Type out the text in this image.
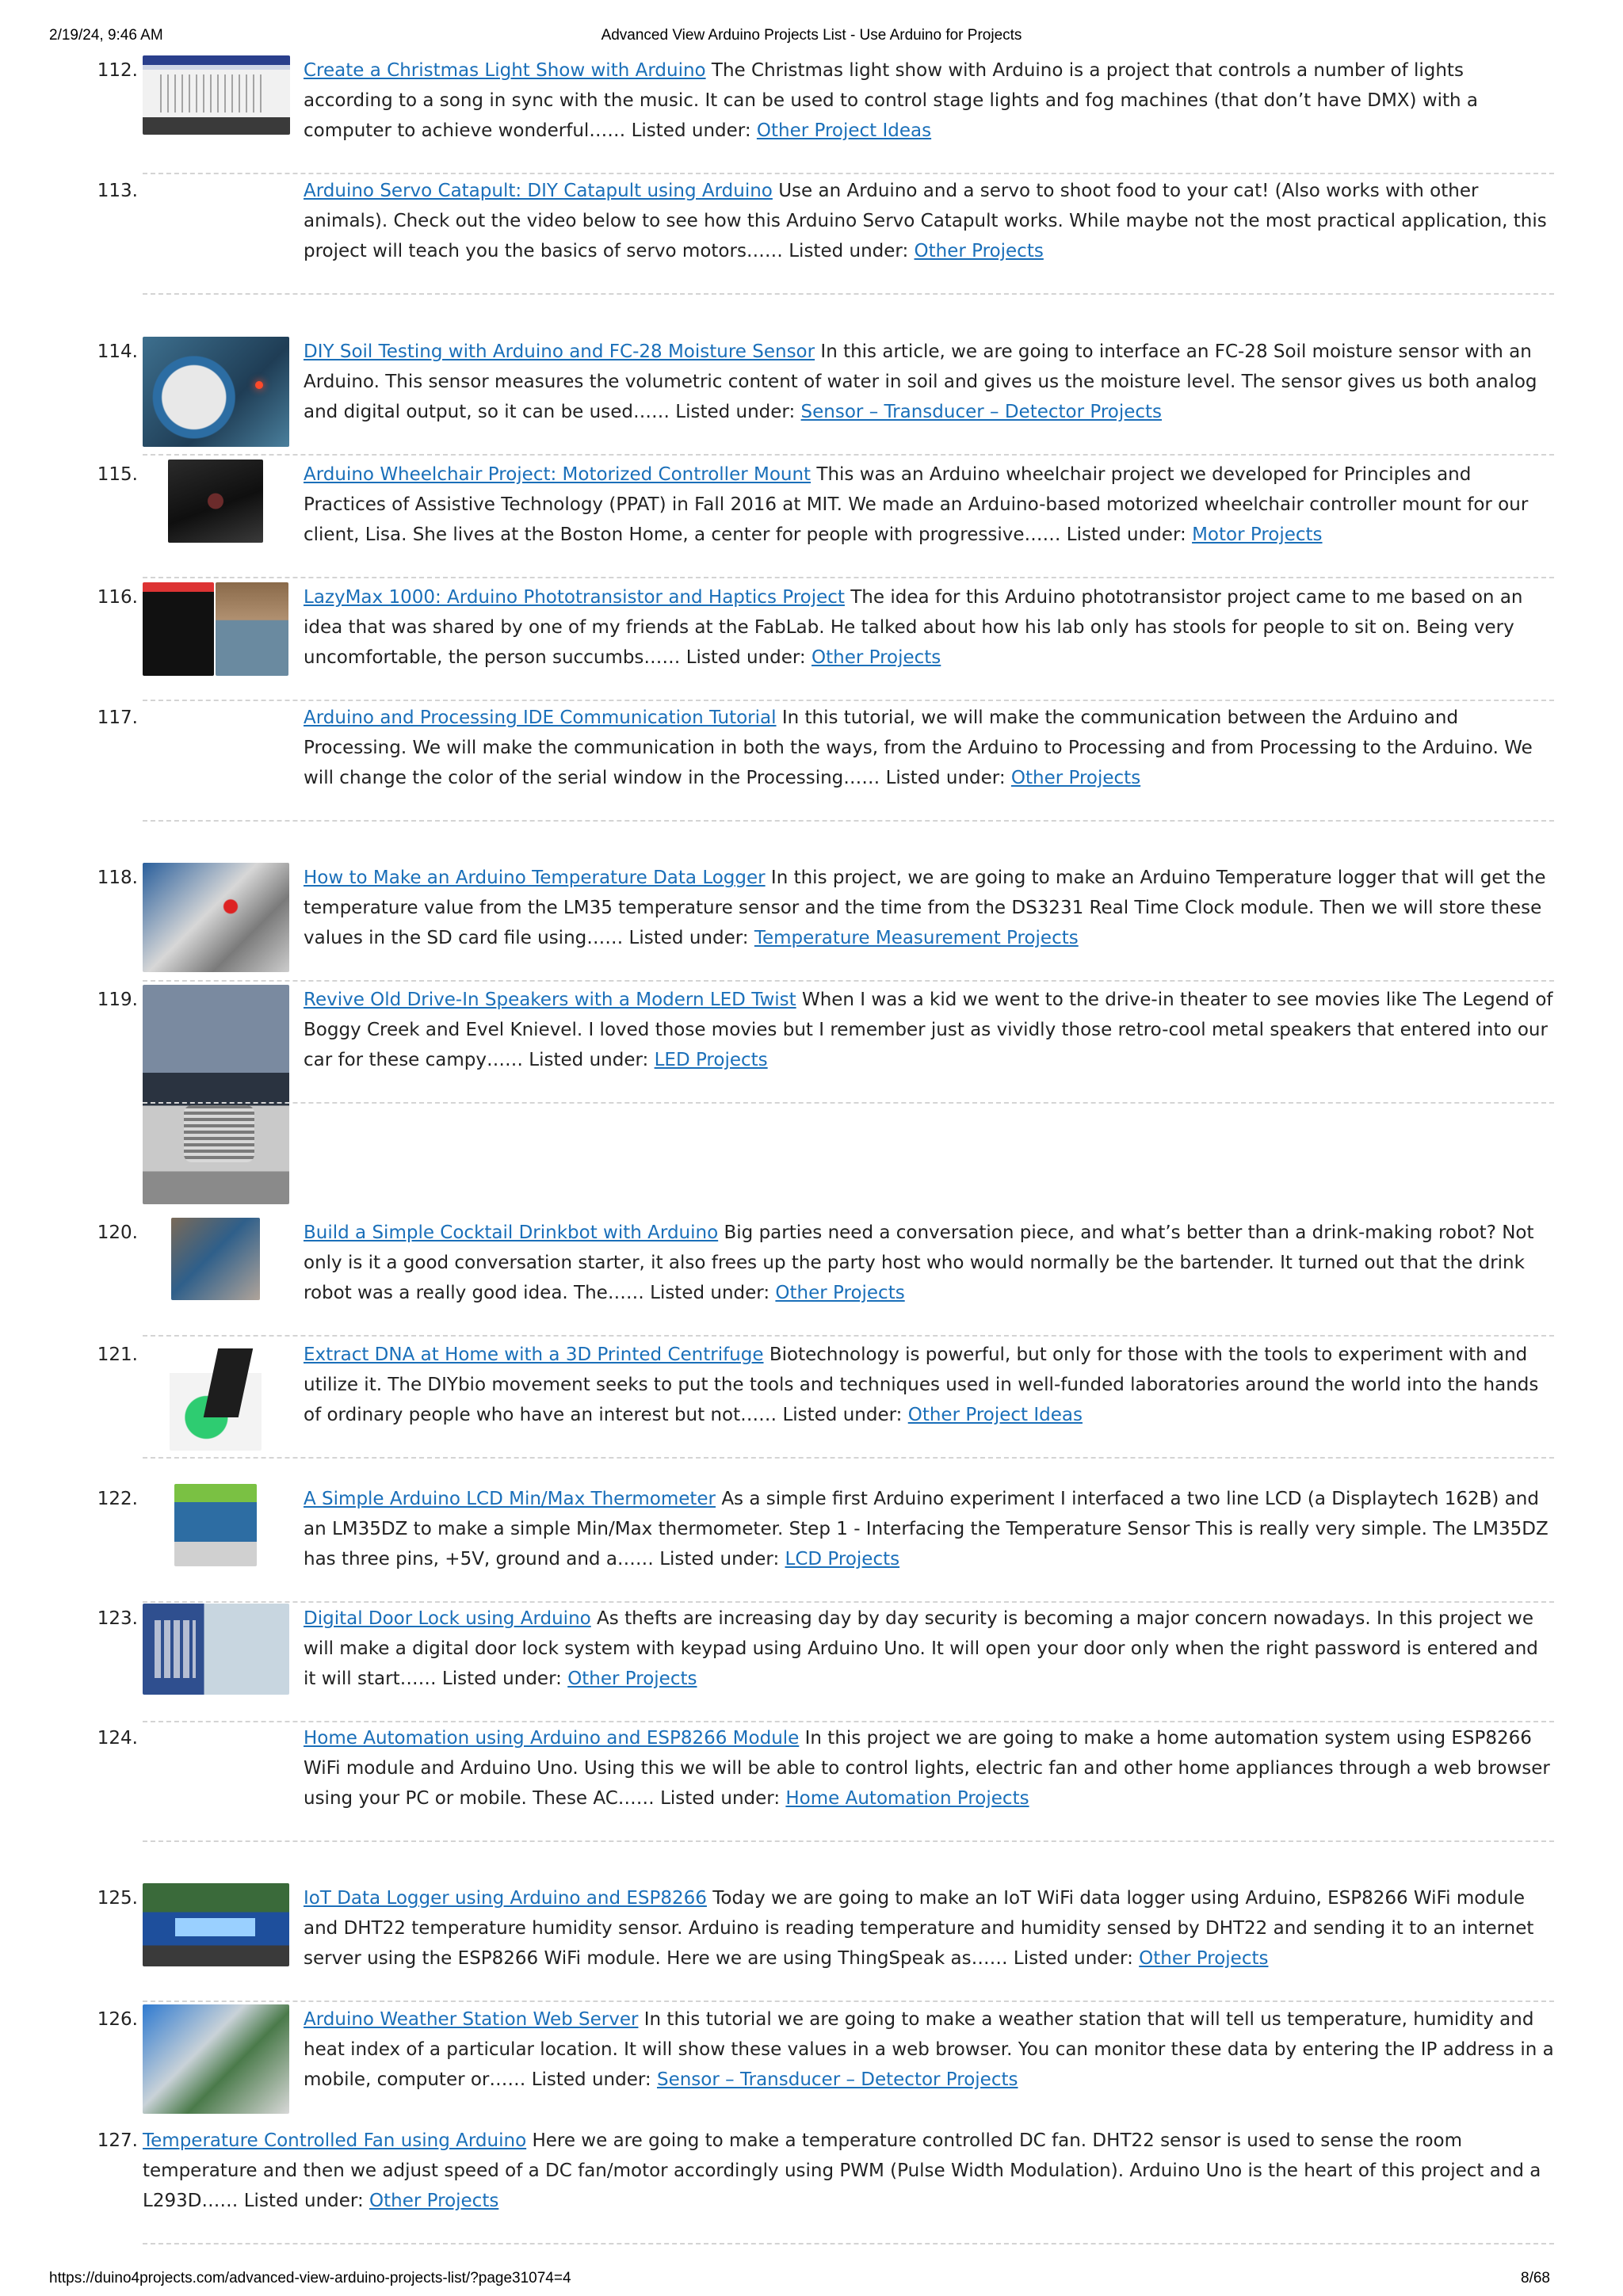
2/19/24, 9:46 AM	Advanced View Arduino Projects List - Use Arduino for Projects
112.	Create a Christmas Light Show with Arduino The Christmas light show with Arduino is a project that controls a number of lights according to a song in sync with the music. It can be used to control stage lights and fog machines (that don’t have DMX) with a computer to achieve wonderful…… Listed under: Other Project Ideas
113.	Arduino Servo Catapult: DIY Catapult using Arduino Use an Arduino and a servo to shoot food to your cat! (Also works with other animals). Check out the video below to see how this Arduino Servo Catapult works. While maybe not the most practical application, this project will teach you the basics of servo motors…… Listed under: Other Projects
114.	DIY Soil Testing with Arduino and FC-28 Moisture Sensor In this article, we are going to interface an FC-28 Soil moisture sensor with an Arduino. This sensor measures the volumetric content of water in soil and gives us the moisture level. The sensor gives us both analog and digital output, so it can be used…… Listed under: Sensor – Transducer – Detector Projects
115.	Arduino Wheelchair Project: Motorized Controller Mount This was an Arduino wheelchair project we developed for Principles and Practices of Assistive Technology (PPAT) in Fall 2016 at MIT. We made an Arduino-based motorized wheelchair controller mount for our client, Lisa. She lives at the Boston Home, a center for people with progressive…… Listed under: Motor Projects
116.	LazyMax 1000: Arduino Phototransistor and Haptics Project The idea for this Arduino phototransistor project came to me based on an idea that was shared by one of my friends at the FabLab. He talked about how his lab only has stools for people to sit on. Being very uncomfortable, the person succumbs…… Listed under: Other Projects
117.	Arduino and Processing IDE Communication Tutorial In this tutorial, we will make the communication between the Arduino and Processing. We will make the communication in both the ways, from the Arduino to Processing and from Processing to the Arduino. We will change the color of the serial window in the Processing…… Listed under: Other Projects
118.	How to Make an Arduino Temperature Data Logger In this project, we are going to make an Arduino Temperature logger that will get the temperature value from the LM35 temperature sensor and the time from the DS3231 Real Time Clock module. Then we will store these values in the SD card file using…… Listed under: Temperature Measurement Projects
119.	Revive Old Drive-In Speakers with a Modern LED Twist When I was a kid we went to the drive-in theater to see movies like The Legend of Boggy Creek and Evel Knievel. I loved those movies but I remember just as vividly those retro-cool metal speakers that entered into our car for these campy…… Listed under: LED Projects
120.	Build a Simple Cocktail Drinkbot with Arduino Big parties need a conversation piece, and what’s better than a drink-making robot? Not only is it a good conversation starter, it also frees up the party host who would normally be the bartender. It turned out that the drink robot was a really good idea. The…… Listed under: Other Projects
121.	Extract DNA at Home with a 3D Printed Centrifuge Biotechnology is powerful, but only for those with the tools to experiment with and utilize it. The DIYbio movement seeks to put the tools and techniques used in well-funded laboratories around the world into the hands of ordinary people who have an interest but not…… Listed under: Other Project Ideas
122.	A Simple Arduino LCD Min/Max Thermometer As a simple first Arduino experiment I interfaced a two line LCD (a Displaytech 162B) and an LM35DZ to make a simple Min/Max thermometer. Step 1 - Interfacing the Temperature Sensor This is really very simple. The LM35DZ has three pins, +5V, ground and a…… Listed under: LCD Projects
123.	Digital Door Lock using Arduino As thefts are increasing day by day security is becoming a major concern nowadays. In this project we will make a digital door lock system with keypad using Arduino Uno. It will open your door only when the right password is entered and it will start…… Listed under: Other Projects
124.	Home Automation using Arduino and ESP8266 Module In this project we are going to make a home automation system using ESP8266 WiFi module and Arduino Uno. Using this we will be able to control lights, electric fan and other home appliances through a web browser using your PC or mobile. These AC…… Listed under: Home Automation Projects
125.	IoT Data Logger using Arduino and ESP8266 Today we are going to make an IoT WiFi data logger using Arduino, ESP8266 WiFi module and DHT22 temperature humidity sensor. Arduino is reading temperature and humidity sensed by DHT22 and sending it to an internet server using the ESP8266 WiFi module. Here we are using ThingSpeak as…… Listed under: Other Projects
126.	Arduino Weather Station Web Server In this tutorial we are going to make a weather station that will tell us temperature, humidity and heat index of a particular location. It will show these values in a web browser. You can monitor these data by entering the IP address in a mobile, computer or…… Listed under: Sensor – Transducer – Detector Projects
127. Temperature Controlled Fan using Arduino Here we are going to make a temperature controlled DC fan. DHT22 sensor is used to sense the room temperature and then we adjust speed of a DC fan/motor accordingly using PWM (Pulse Width Modulation). Arduino Uno is the heart of this project and a L293D…… Listed under: Other Projects
https://duino4projects.com/advanced-view-arduino-projects-list/?page31074=4	8/68
